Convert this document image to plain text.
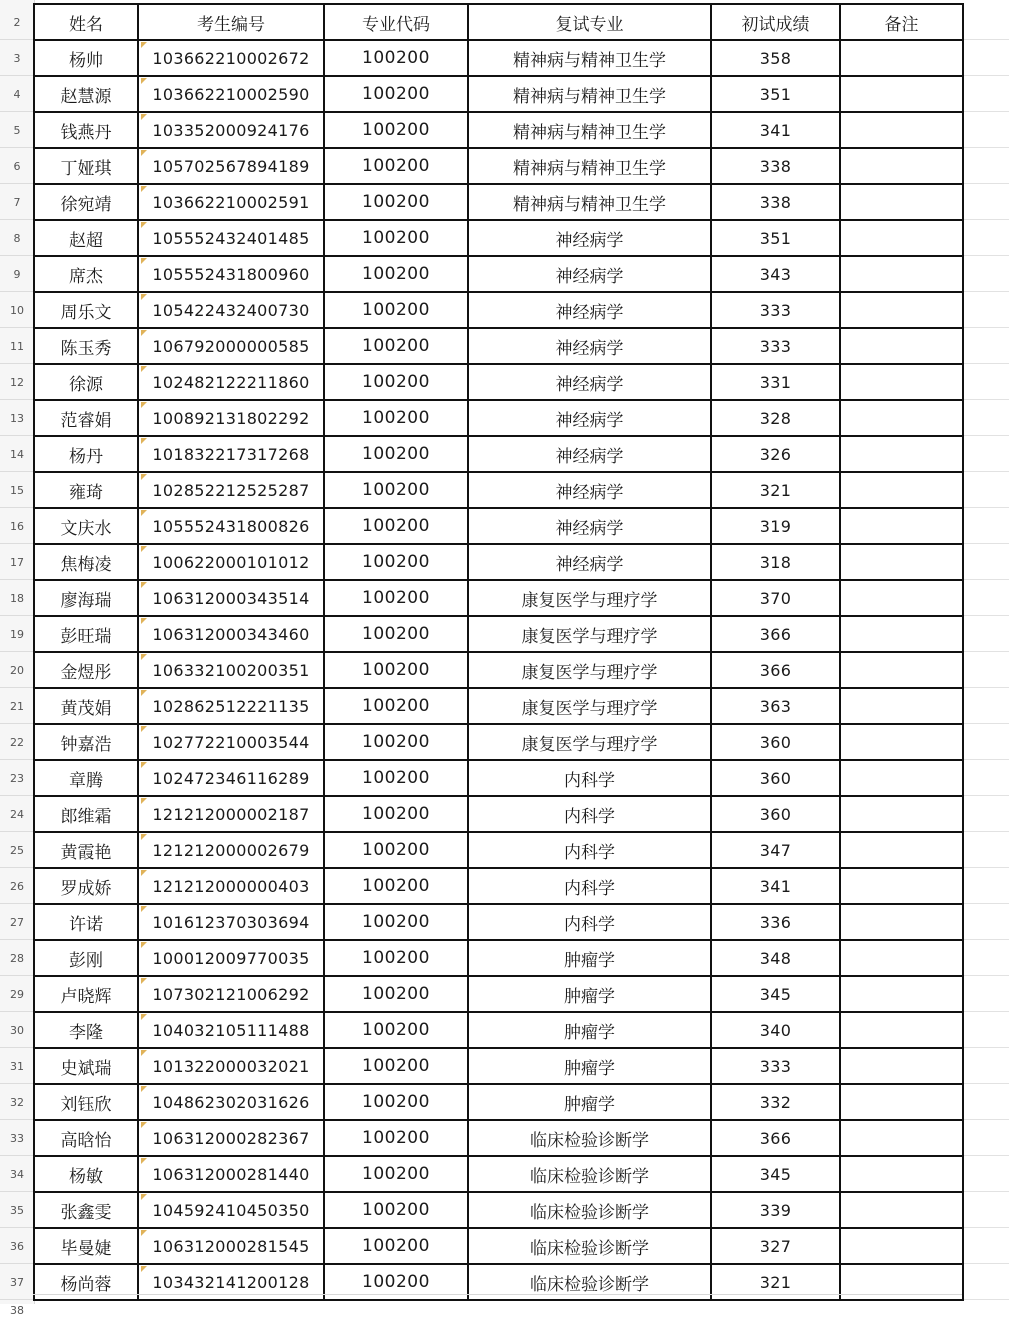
2
3
4
5
6
7
8
9
10
11
12
13
14
15
16
17
18
19
20
21
22
23
24
25
26
27
28
29
30
31
32
33
34
35
36
37
38
姓名	考生编号	专业代码	复试专业	初试成绩	备注
杨帅	103662210002672	100200	精神病与精神卫生学	358	
赵慧源	103662210002590	100200	精神病与精神卫生学	351	
钱燕丹	103352000924176	100200	精神病与精神卫生学	341	
丁娅琪	105702567894189	100200	精神病与精神卫生学	338	
徐宛靖	103662210002591	100200	精神病与精神卫生学	338	
赵超	105552432401485	100200	神经病学	351	
席杰	105552431800960	100200	神经病学	343	
周乐文	105422432400730	100200	神经病学	333	
陈玉秀	106792000000585	100200	神经病学	333	
徐源	102482122211860	100200	神经病学	331	
范睿娟	100892131802292	100200	神经病学	328	
杨丹	101832217317268	100200	神经病学	326	
雍琦	102852212525287	100200	神经病学	321	
文庆水	105552431800826	100200	神经病学	319	
焦梅凌	100622000101012	100200	神经病学	318	
廖海瑞	106312000343514	100200	康复医学与理疗学	370	
彭旺瑞	106312000343460	100200	康复医学与理疗学	366	
金煜彤	106332100200351	100200	康复医学与理疗学	366	
黄茂娟	102862512221135	100200	康复医学与理疗学	363	
钟嘉浩	102772210003544	100200	康复医学与理疗学	360	
章腾	102472346116289	100200	内科学	360	
郎维霜	121212000002187	100200	内科学	360	
黄霞艳	121212000002679	100200	内科学	347	
罗成娇	121212000000403	100200	内科学	341	
许诺	101612370303694	100200	内科学	336	
彭刚	100012009770035	100200	肿瘤学	348	
卢晓辉	107302121006292	100200	肿瘤学	345	
李隆	104032105111488	100200	肿瘤学	340	
史斌瑞	101322000032021	100200	肿瘤学	333	
刘钰欣	104862302031626	100200	肿瘤学	332	
高晗怡	106312000282367	100200	临床检验诊断学	366	
杨敏	106312000281440	100200	临床检验诊断学	345	
张鑫雯	104592410450350	100200	临床检验诊断学	339	
毕曼婕	106312000281545	100200	临床检验诊断学	327	
杨尚蓉	103432141200128	100200	临床检验诊断学	321	
